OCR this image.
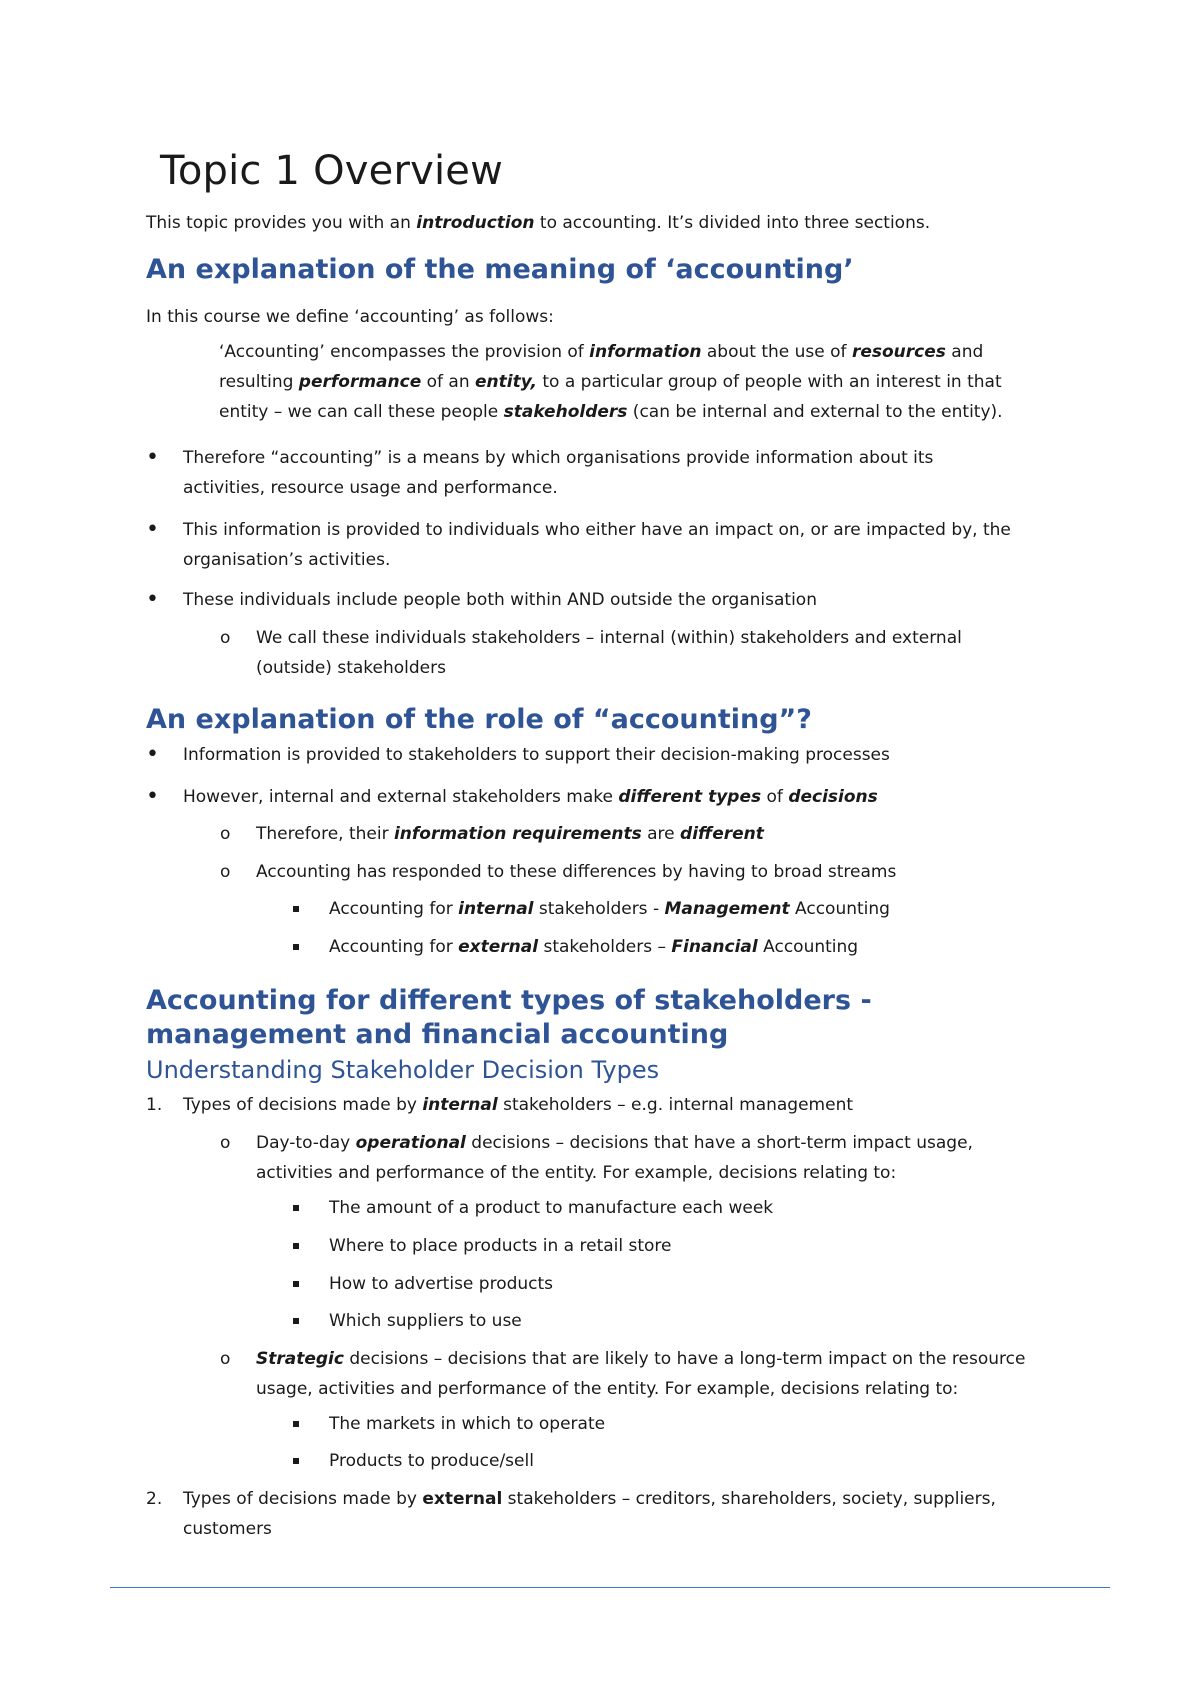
Topic 1 Overview
This topic provides you with an introduction to accounting. It’s divided into three sections.
An explanation of the meaning of ‘accounting’
In this course we define ‘accounting’ as follows:
‘Accounting’ encompasses the provision of information about the use of resources and
resulting performance of an entity, to a particular group of people with an interest in that
entity – we can call these people stakeholders (can be internal and external to the entity).
• Therefore “accounting” is a means by which organisations provide information about its
activities, resource usage and performance.
• This information is provided to individuals who either have an impact on, or are impacted by, the
organisation’s activities.
• These individuals include people both within AND outside the organisation
o We call these individuals stakeholders – internal (within) stakeholders and external
(outside) stakeholders
An explanation of the role of “accounting”?
• Information is provided to stakeholders to support their decision-making processes
• However, internal and external stakeholders make different types of decisions
o Therefore, their information requirements are different
o Accounting has responded to these differences by having to broad streams
Accounting for internal stakeholders - Management Accounting
Accounting for external stakeholders – Financial Accounting
Accounting for different types of stakeholders -
management and financial accounting
Understanding Stakeholder Decision Types
1. Types of decisions made by internal stakeholders – e.g. internal management
o Day-to-day operational decisions – decisions that have a short-term impact usage,
activities and performance of the entity. For example, decisions relating to:
The amount of a product to manufacture each week
Where to place products in a retail store
How to advertise products
Which suppliers to use
o Strategic decisions – decisions that are likely to have a long-term impact on the resource
usage, activities and performance of the entity. For example, decisions relating to:
The markets in which to operate
Products to produce/sell
2. Types of decisions made by external stakeholders – creditors, shareholders, society, suppliers,
customers
